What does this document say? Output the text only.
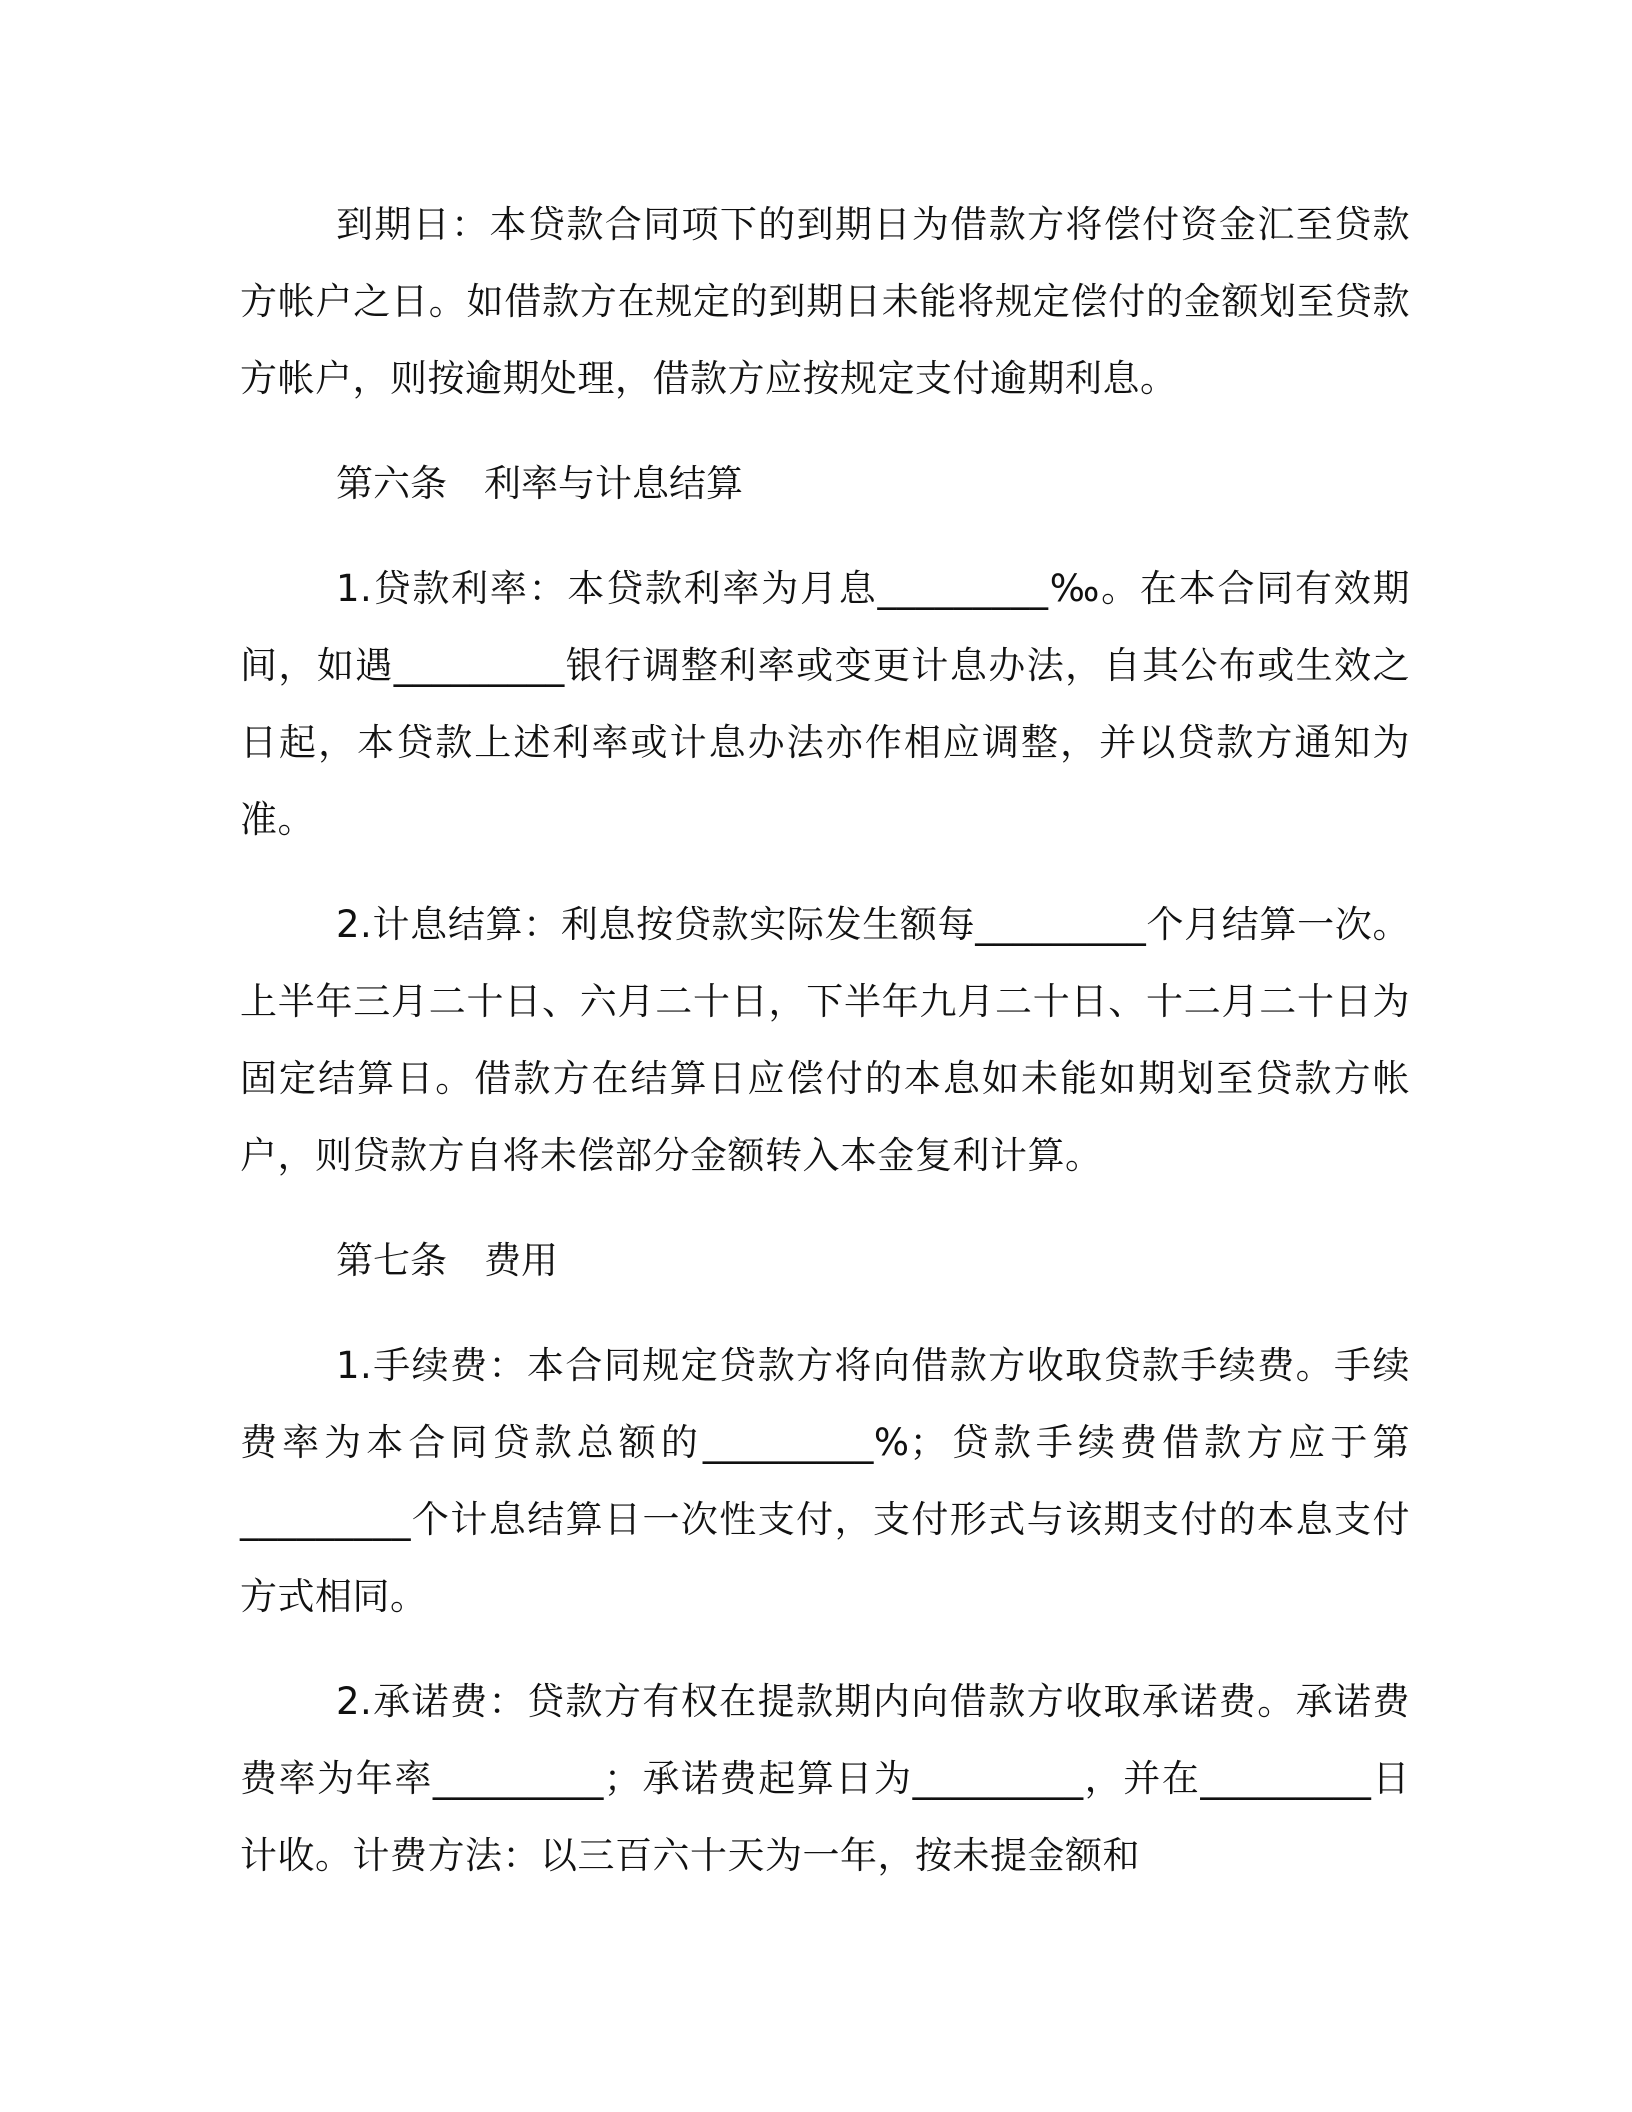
到期日：本贷款合同项下的到期日为借款方将偿付资金汇至贷款方帐户之日。如借款方在规定的到期日未能将规定偿付的金额划至贷款方帐户，则按逾期处理，借款方应按规定支付逾期利息。

第六条　利率与计息结算

1.贷款利率：本贷款利率为月息_________‰。在本合同有效期间，如遇_________银行调整利率或变更计息办法，自其公布或生效之日起，本贷款上述利率或计息办法亦作相应调整，并以贷款方通知为准。

2.计息结算：利息按贷款实际发生额每_________个月结算一次。上半年三月二十日、六月二十日，下半年九月二十日、十二月二十日为固定结算日。借款方在结算日应偿付的本息如未能如期划至贷款方帐户，则贷款方自将未偿部分金额转入本金复利计算。

第七条　费用

1.手续费：本合同规定贷款方将向借款方收取贷款手续费。手续费率为本合同贷款总额的_________%；贷款手续费借款方应于第_________个计息结算日一次性支付，支付形式与该期支付的本息支付方式相同。

2.承诺费：贷款方有权在提款期内向借款方收取承诺费。承诺费费率为年率_________；承诺费起算日为_________，并在_________日计收。计费方法：以三百六十天为一年，按未提金额和
